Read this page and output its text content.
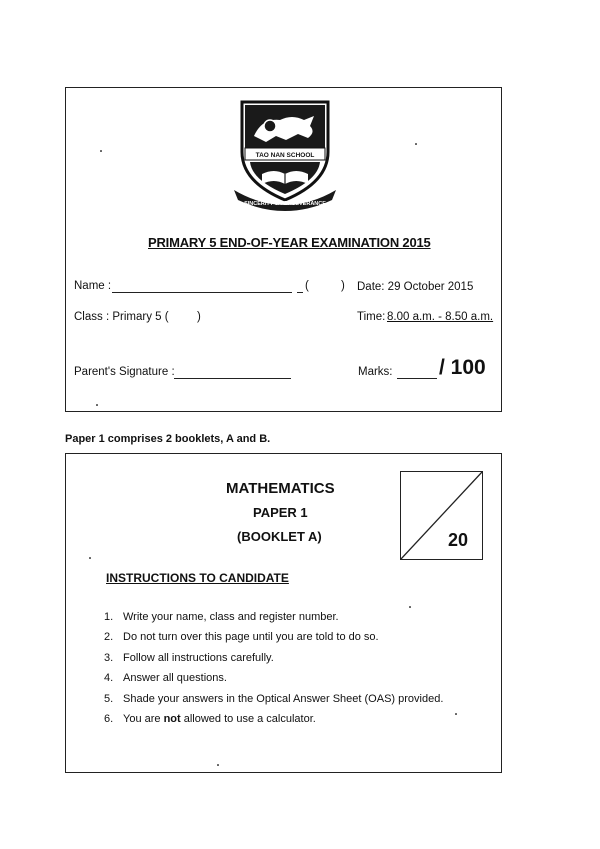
TAO NAN SCHOOL
SINCERITY & PERSEVERANCE
PRIMARY 5 END-OF-YEAR EXAMINATION 2015
Name :	(	) Date: 29 October 2015
Class : Primary 5 ( )	Time: 8.00 a.m. - 8.50 a.m.
Parent's Signature :	Marks: / 100
Paper 1 comprises 2 booklets, A and B.
MATHEMATICS
PAPER 1
(BOOKLET A)	20
INSTRUCTIONS TO CANDIDATE
1. Write your name, class and register number.
2. Do not turn over this page until you are told to do so.
3. Follow all instructions carefully.
4. Answer all questions.
5. Shade your answers in the Optical Answer Sheet (OAS) provided.
6. You are not allowed to use a calculator.
